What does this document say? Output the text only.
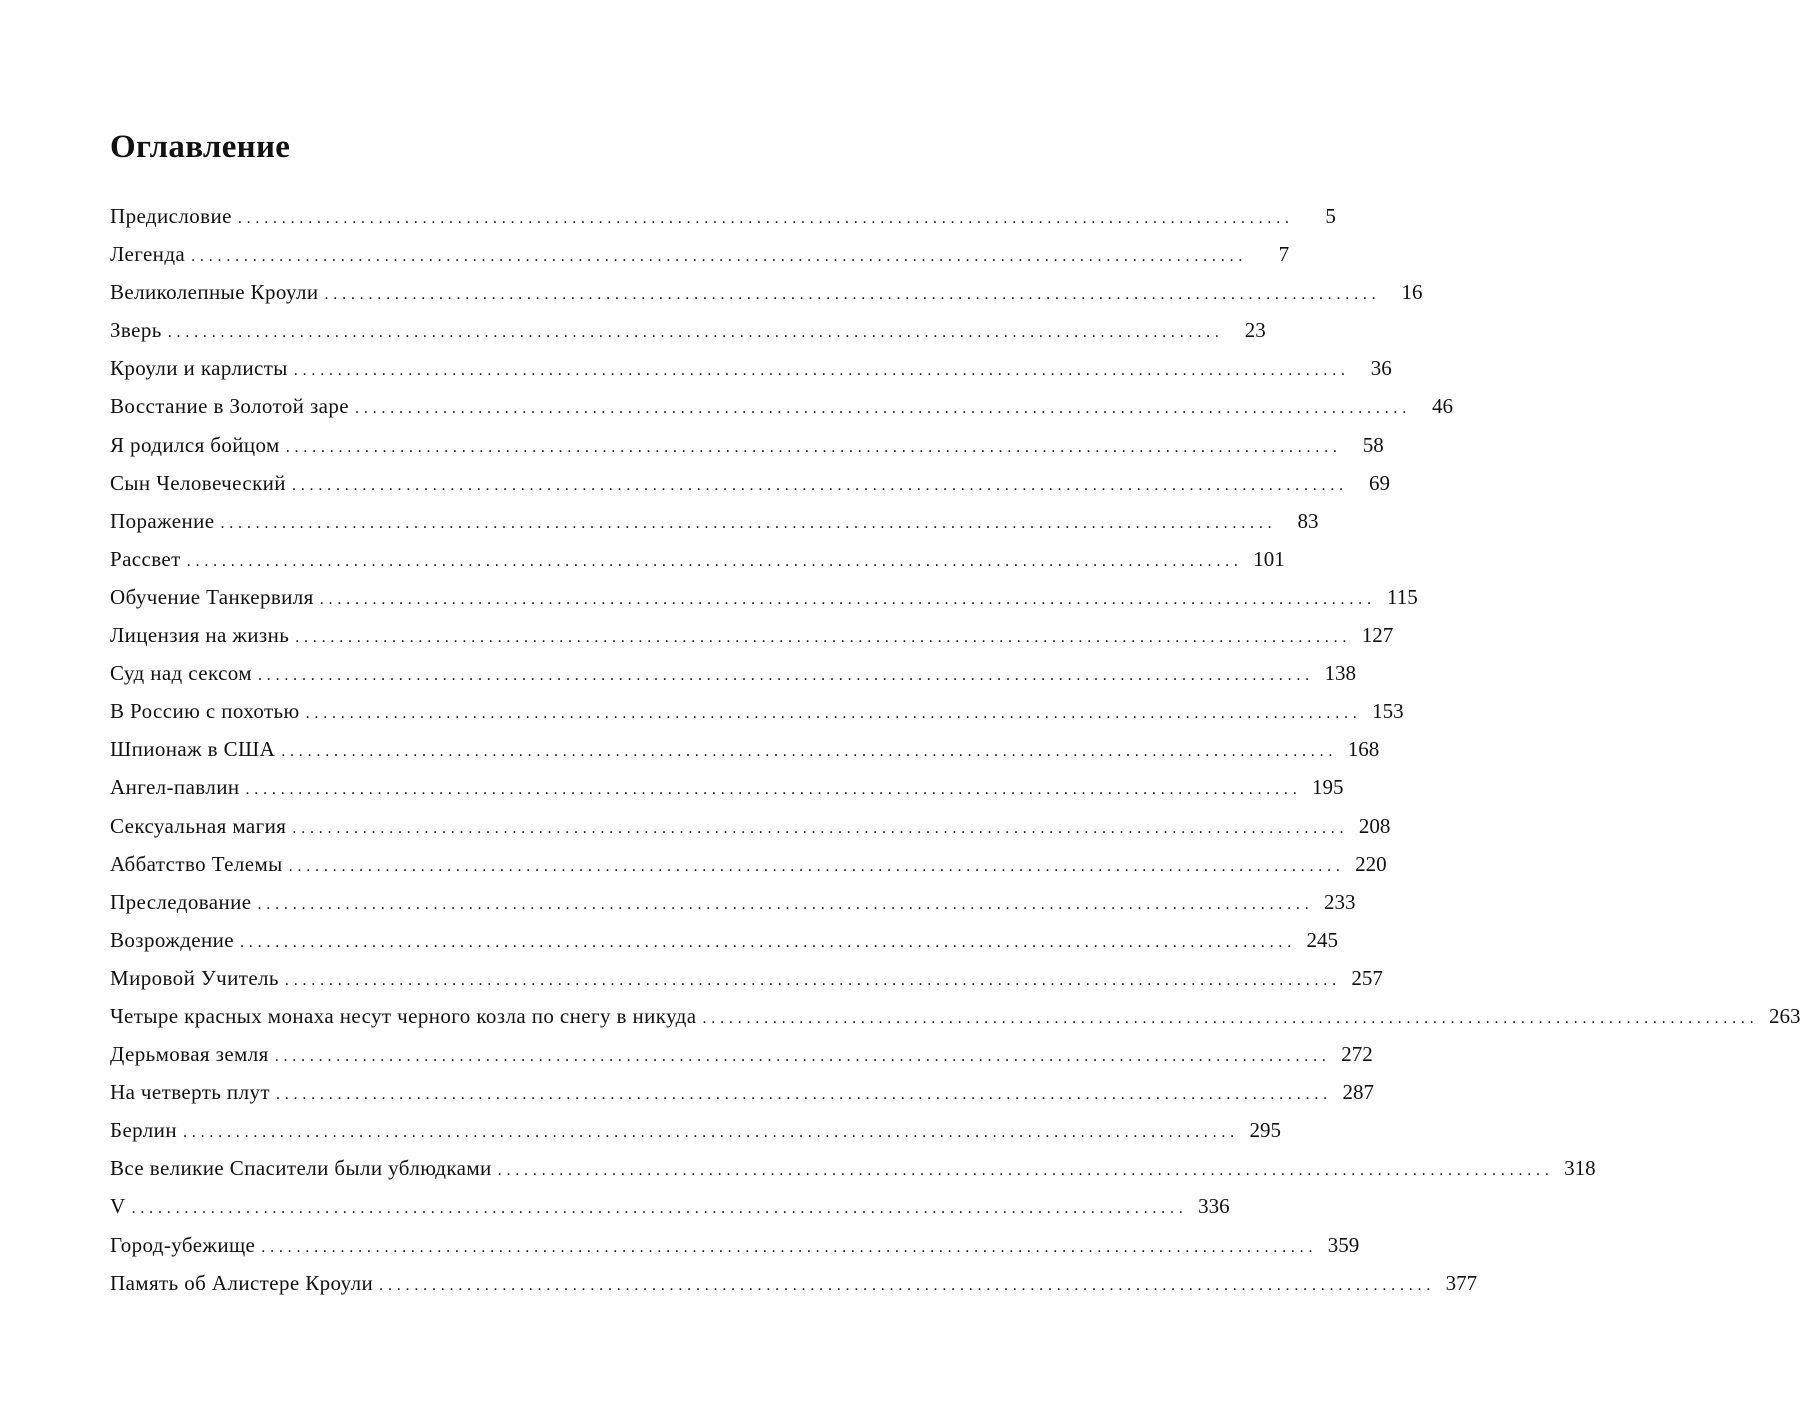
Оглавление
Предисловие ........................................................................................................................	5
Легенда ........................................................................................................................	7
Великолепные Кроули ........................................................................................................................	16
Зверь ........................................................................................................................	23
Кроули и карлисты ........................................................................................................................	36
Восстание в Золотой заре ........................................................................................................................	46
Я родился бойцом ........................................................................................................................	58
Сын Человеческий ........................................................................................................................	69
Поражение ........................................................................................................................	83
Рассвет ........................................................................................................................ 101
Обучение Танкервиля ........................................................................................................................ 115
Лицензия на жизнь ........................................................................................................................ 127
Суд над сексом ........................................................................................................................ 138
В Россию с похотью ........................................................................................................................ 153
Шпионаж в США ........................................................................................................................ 168
Ангел-павлин ........................................................................................................................ 195
Сексуальная магия ........................................................................................................................ 208
Аббатство Телемы ........................................................................................................................ 220
Преследование ........................................................................................................................ 233
Возрождение ........................................................................................................................ 245
Мировой Учитель ........................................................................................................................ 257
Четыре красных монаха несут черного козла по снегу в никуда ........................................................................................................................ 263
Дерьмовая земля ........................................................................................................................ 272
На четверть плут ........................................................................................................................ 287
Берлин ........................................................................................................................ 295
Все великие Спасители были ублюдками ........................................................................................................................ 318
V ........................................................................................................................ 336
Город-убежище ........................................................................................................................ 359
Память об Алистере Кроули ........................................................................................................................ 377
